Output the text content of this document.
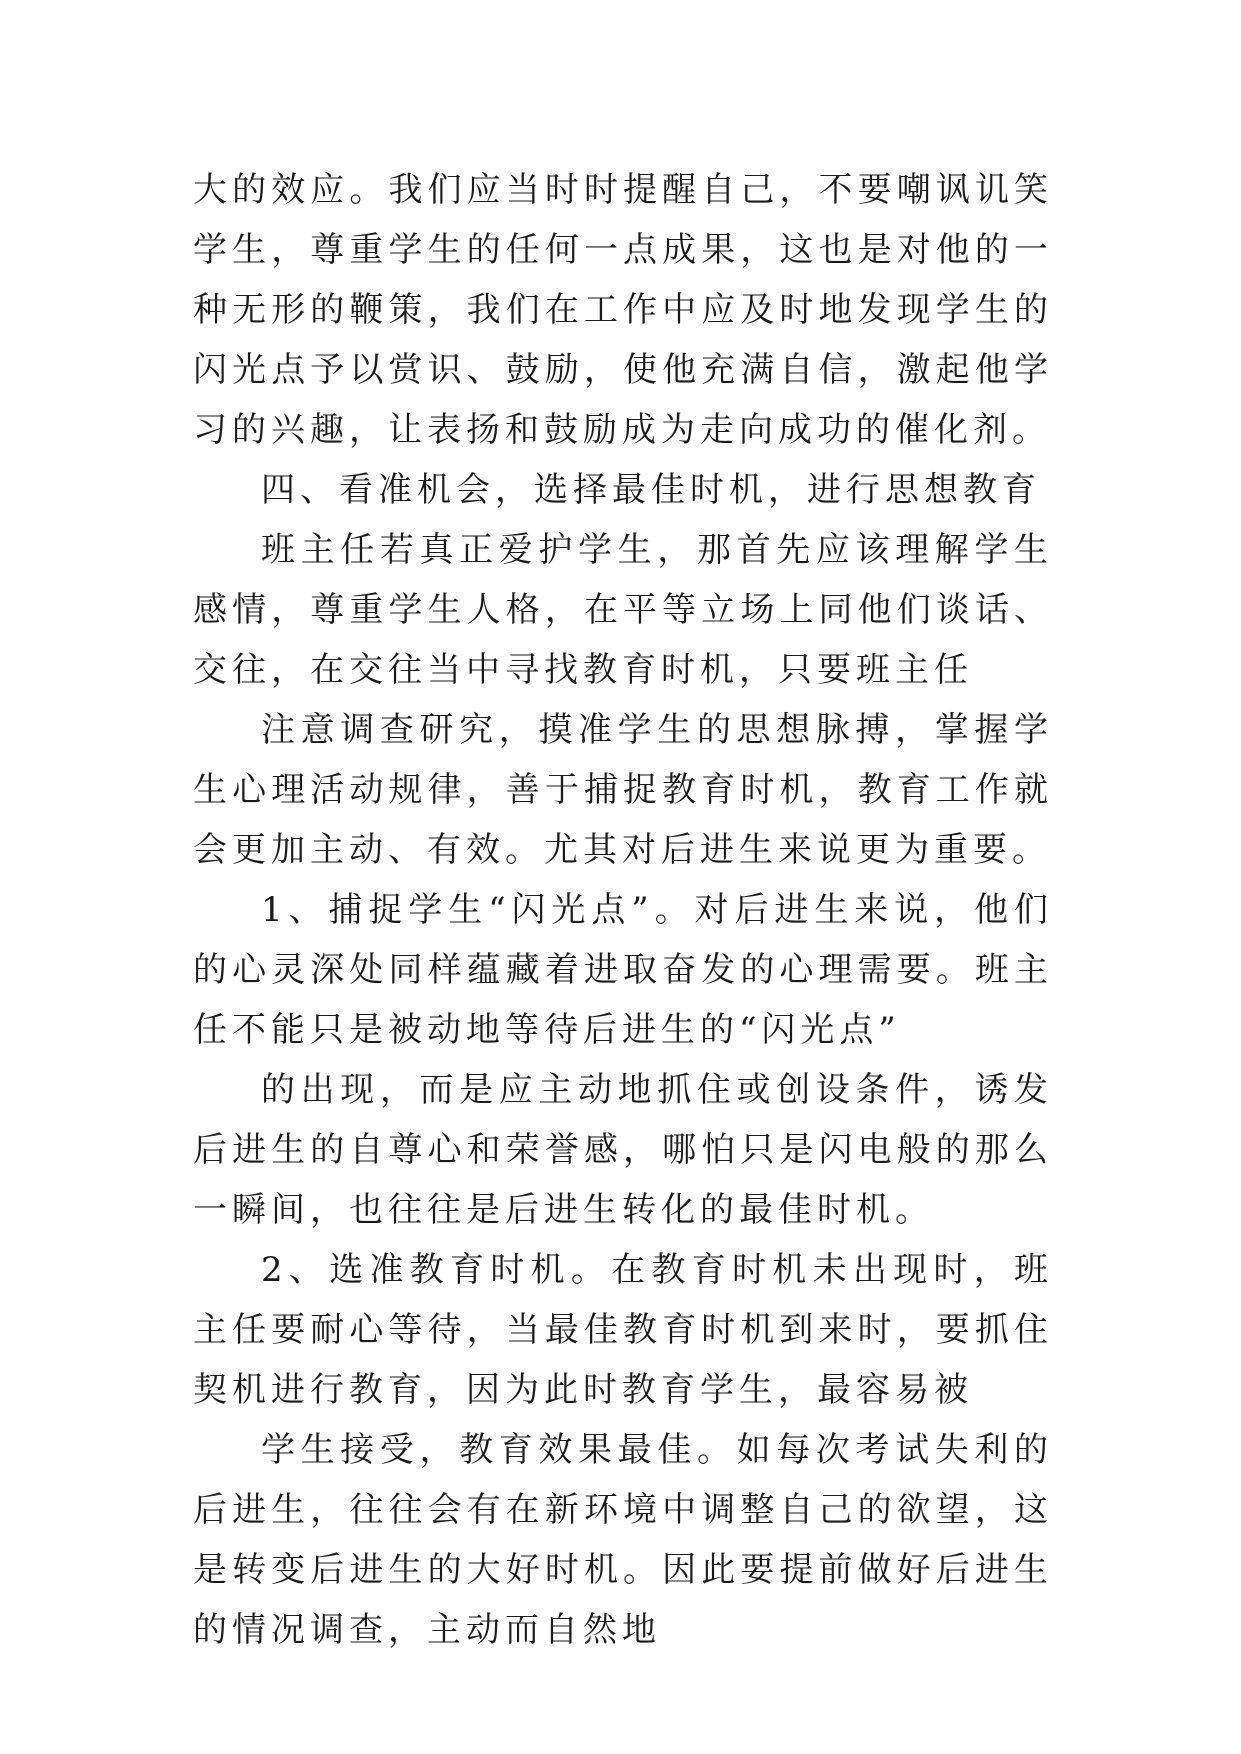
大的效应。我们应当时时提醒自己，不要嘲讽讥笑学生，尊重学生的任何一点成果，这也是对他的一种无形的鞭策，我们在工作中应及时地发现学生的闪光点予以赏识、鼓励，使他充满自信，激起他学习的兴趣，让表扬和鼓励成为走向成功的催化剂。

四、看准机会，选择最佳时机，进行思想教育

班主任若真正爱护学生，那首先应该理解学生感情，尊重学生人格，在平等立场上同他们谈话、交往，在交往当中寻找教育时机，只要班主任

注意调查研究，摸准学生的思想脉搏，掌握学生心理活动规律，善于捕捉教育时机，教育工作就会更加主动、有效。尤其对后进生来说更为重要。

1、捕捉学生“闪光点”。对后进生来说，他们的心灵深处同样蕴藏着进取奋发的心理需要。班主任不能只是被动地等待后进生的“闪光点”

的出现，而是应主动地抓住或创设条件，诱发后进生的自尊心和荣誉感，哪怕只是闪电般的那么一瞬间，也往往是后进生转化的最佳时机。

2、选准教育时机。在教育时机未出现时，班主任要耐心等待，当最佳教育时机到来时，要抓住契机进行教育，因为此时教育学生，最容易被

学生接受，教育效果最佳。如每次考试失利的后进生，往往会有在新环境中调整自己的欲望，这是转变后进生的大好时机。因此要提前做好后进生的情况调查，主动而自然地
